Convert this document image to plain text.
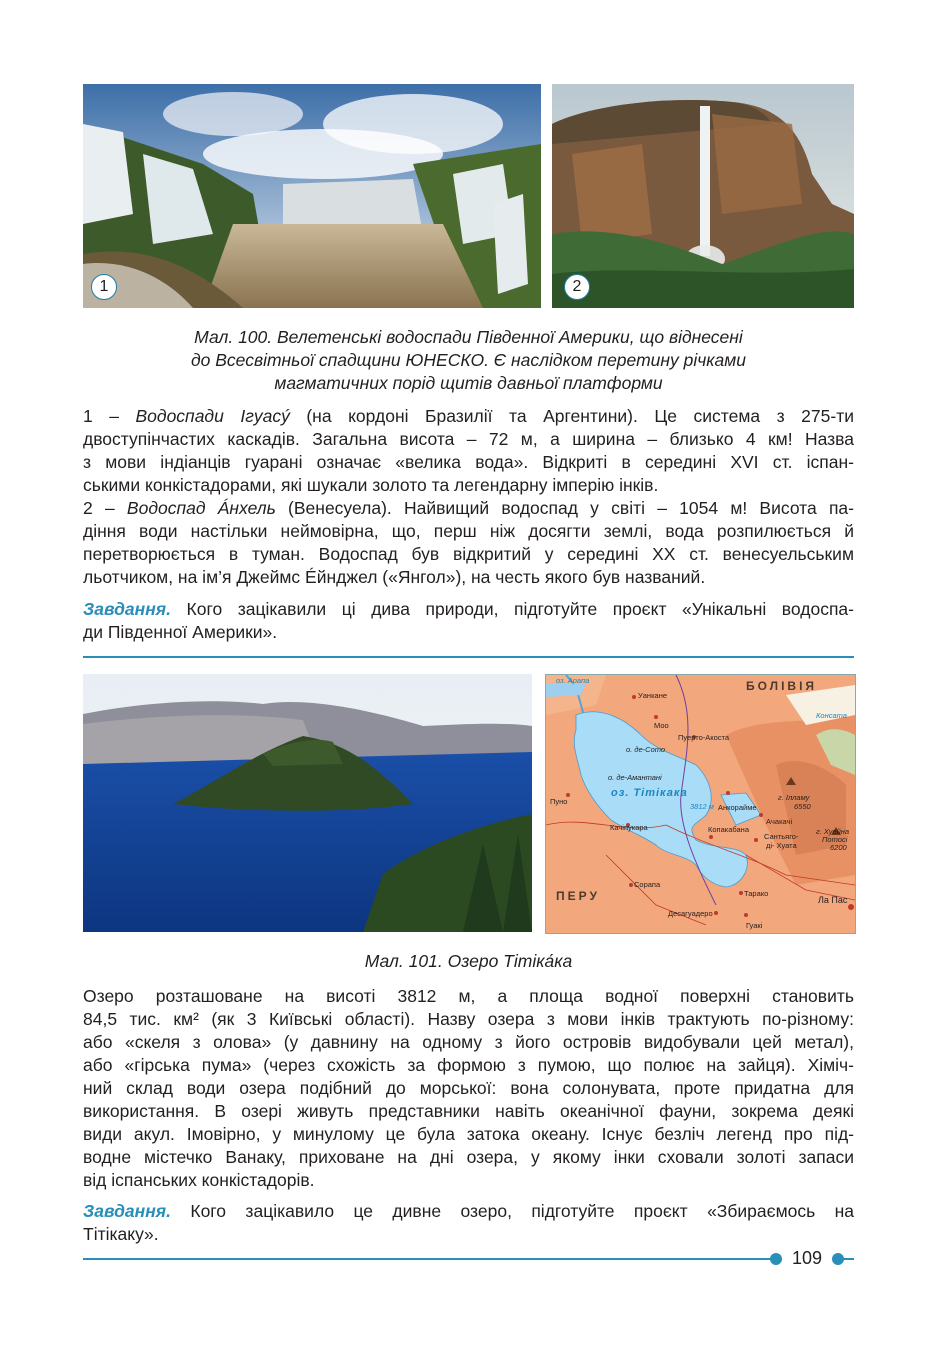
1	2
Мал. 100. Велетенські водоспади Південної Америки, що віднесені
до Всесвітньої спадщини ЮНЕСКО. Є наслідком перетину річками
магматичних порід щитів давньої платформи
1 – Водоспади Ігуасý (на кордоні Бразилії та Аргентини). Це система з 275-ти
двоступінчастих каскадів. Загальна висота – 72 м, а ширина – близько 4 км! Назва
з мови індіанців гуарані означає «велика вода». Відкриті в середині XVI ст. іспан-
ськими конкістадорами, які шукали золото та легендарну імперію інків.
2 – Водоспад Áнхель (Венесуела). Найвищий водоспад у світі – 1054 м! Висота па-
діння води настільки неймовірна, що, перш ніж досягти землі, вода розпилюється й
перетворюється в туман. Водоспад був відкритий у середині XX ст. венесуельським
льотчиком, на ім’я Джеймс Éйнджел («Янгол»), на честь якого був названий.
Завдання. Кого зацікавили ці дива природи, підготуйте проєкт «Унікальні водоспа-
ди Південної Америки».
БОЛІВІЯ
ПЕРУ
оз. Тітікака
3812 м
оз. Арапа
Консата
о. де-Сото
о. де-Амантані
Уанкане
Моо
Пуерто-Акоста
Пуно
Анкораймe
Ачакачі
Качіпукара	Копакабана
Сантьяго-
ді- Хуата
Сорапа
Тарако
Десагуадеро
Гуакі
Ла Пас
г. Ілламу
6550
г. Хуейна
Потосі
6200
Мал. 101. Озеро Тітіка́ка
Озеро розташоване на висоті 3812 м, а площа водної поверхні становить
84,5 тис. км² (як 3 Київські області). Назву озера з мови інків трактують по-різному:
або «скеля з олова» (у давнину на одному з його островів видобували цей метал),
або «гірська пума» (через схожість за формою з пумою, що полює на зайця). Хіміч-
ний склад води озера подібний до морської: вона солонувата, проте придатна для
використання. В озері живуть представники навіть океанічної фауни, зокрема деякі
види акул. Імовірно, у минулому це була затока океану. Існує безліч легенд про під-
водне містечко Ванаку, приховане на дні озера, у якому інки сховали золоті запаси
від іспанських конкістадорів.
Завдання. Кого зацікавило це дивне озеро, підготуйте проєкт «Збираємось на
Тітікаку».
109
